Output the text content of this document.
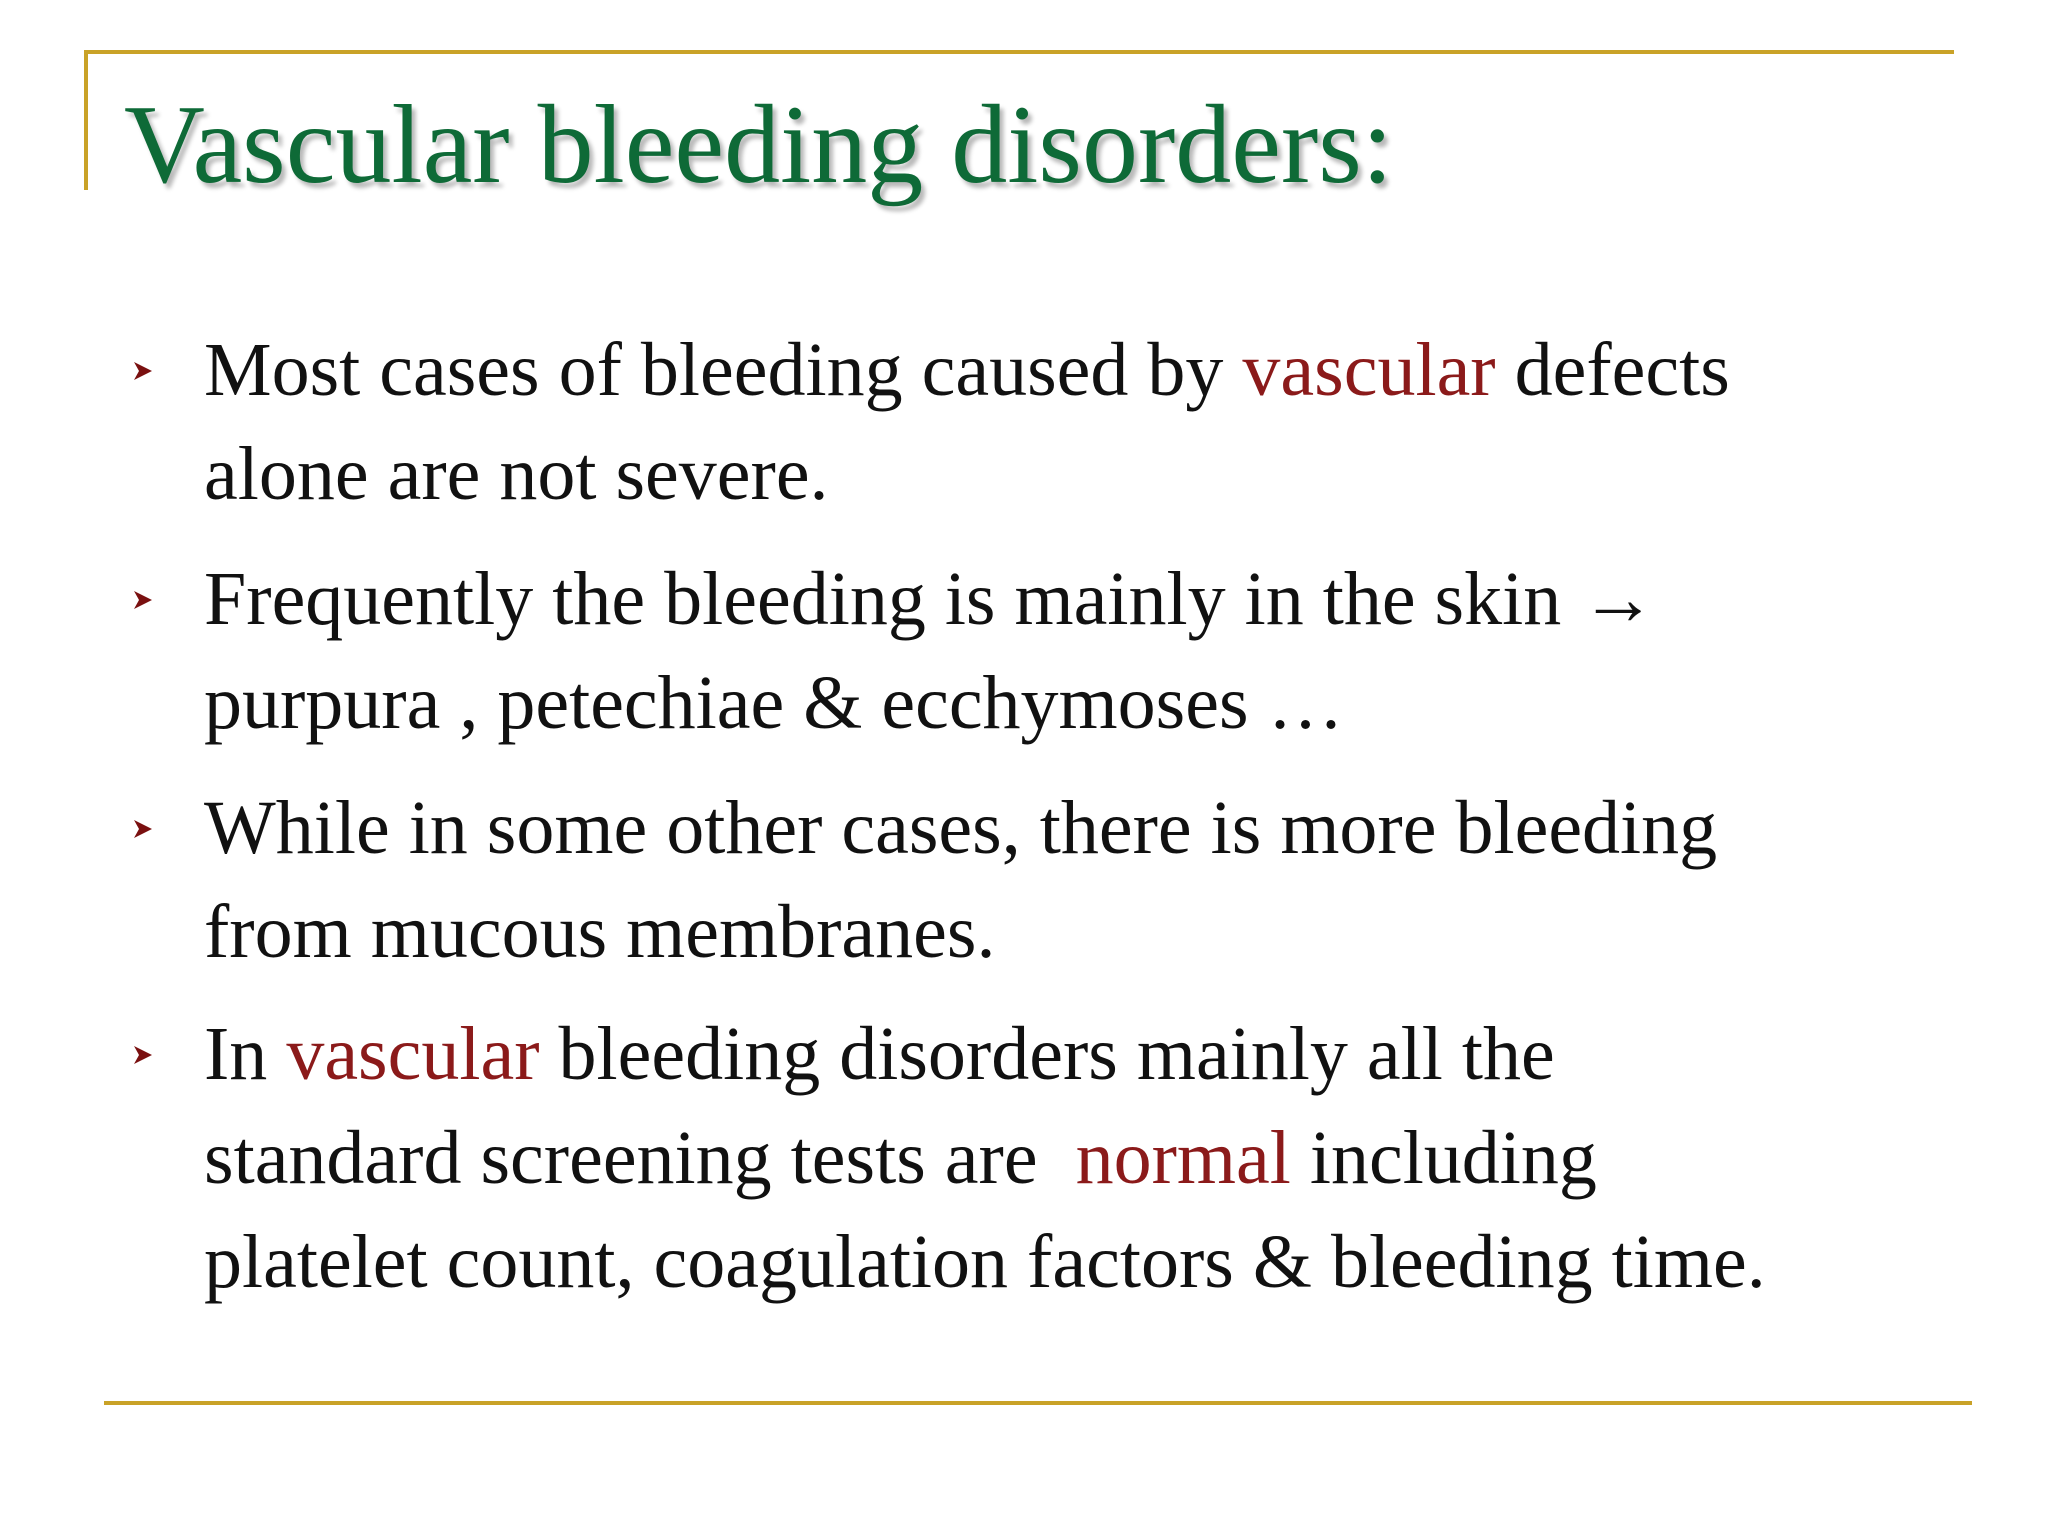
Vascular bleeding disorders:
Most cases of bleeding caused by vascular defects
alone are not severe.
Frequently the bleeding is mainly in the skin →
purpura , petechiae & ecchymoses …
While in some other cases, there is more bleeding
from mucous membranes.
In vascular bleeding disorders mainly all the
standard screening tests are  normal including
platelet count, coagulation factors & bleeding time.
